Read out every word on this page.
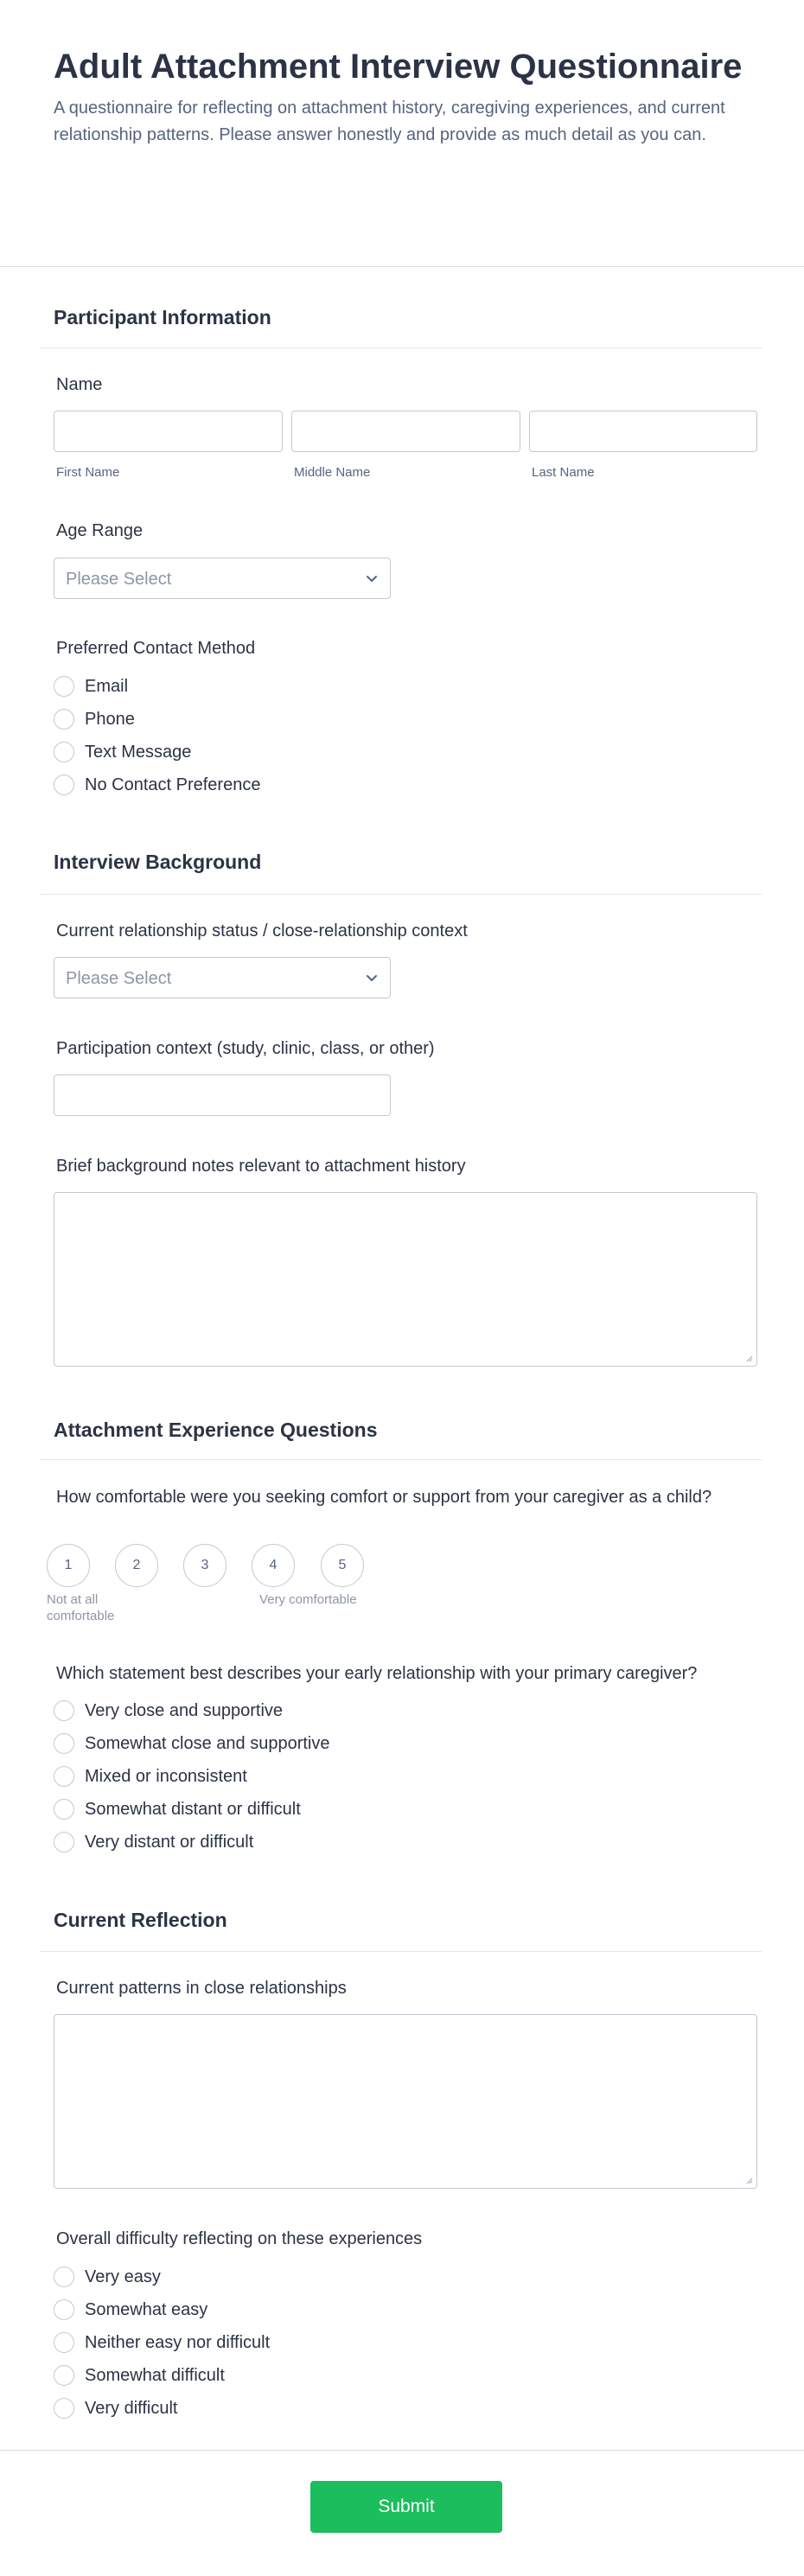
Adult Attachment Interview Questionnaire

A questionnaire for reflecting on attachment history, caregiving experiences, and current relationship patterns. Please answer honestly and provide as much detail as you can.

Participant Information
Name
First Name	Middle Name	Last Name
Age Range
Please Select
Preferred Contact Method
Email
Phone
Text Message
No Contact Preference
Interview Background
Current relationship status / close-relationship context
Please Select
Participation context (study, clinic, class, or other)
Brief background notes relevant to attachment history
Attachment Experience Questions
How comfortable were you seeking comfort or support from your caregiver as a child?
1	2	3	4	5
Not at all comfortable
Very comfortable
Which statement best describes your early relationship with your primary caregiver?
Very close and supportive
Somewhat close and supportive
Mixed or inconsistent
Somewhat distant or difficult
Very distant or difficult
Current Reflection
Current patterns in close relationships
Overall difficulty reflecting on these experiences
Very easy
Somewhat easy
Neither easy nor difficult
Somewhat difficult
Very difficult
Submit
